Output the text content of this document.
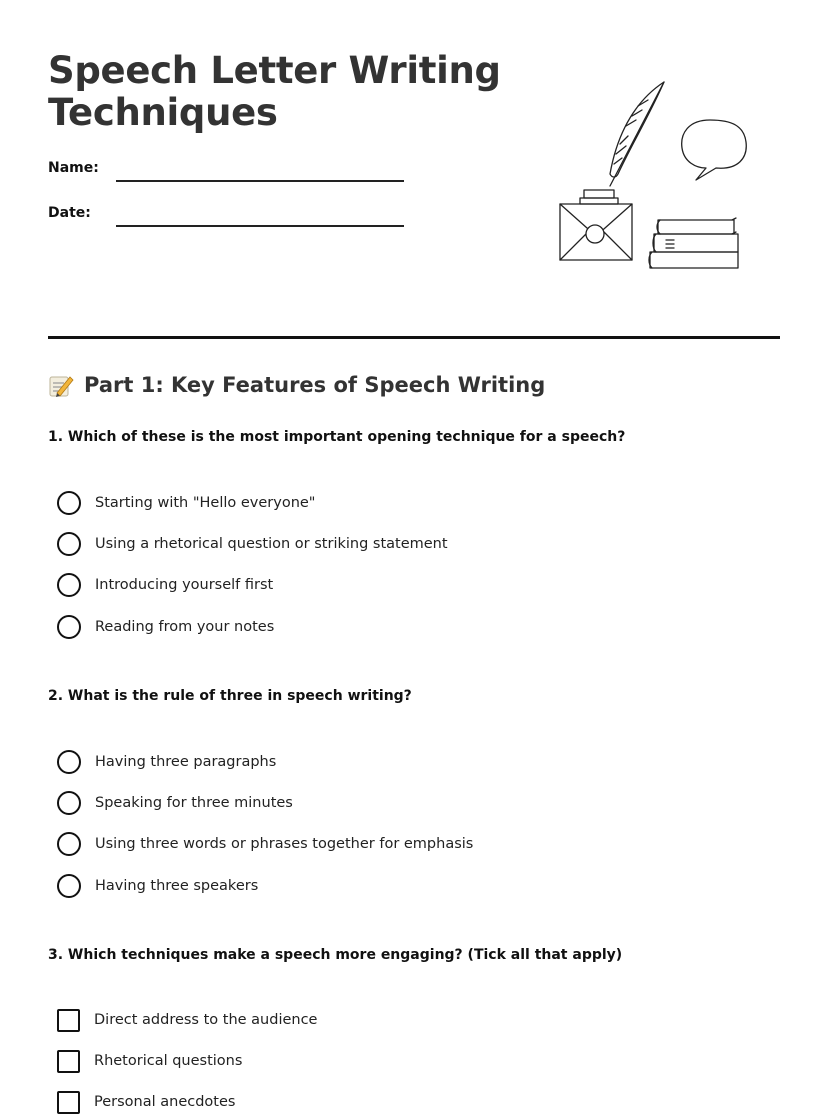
Speech Letter Writing Techniques
Name:
Date:
Part 1: Key Features of Speech Writing

1. Which of these is the most important opening technique for a speech?

Starting with "Hello everyone"
Using a rhetorical question or striking statement
Introducing yourself first
Reading from your notes

2. What is the rule of three in speech writing?

Having three paragraphs
Speaking for three minutes
Using three words or phrases together for emphasis
Having three speakers

3. Which techniques make a speech more engaging? (Tick all that apply)

Direct address to the audience
Rhetorical questions
Personal anecdotes
